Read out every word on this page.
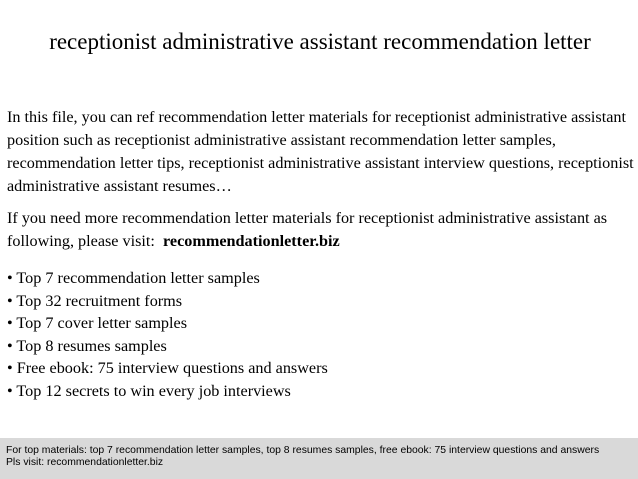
receptionist administrative assistant recommendation letter

In this file, you can ref recommendation letter materials for receptionist administrative assistant position such as receptionist administrative assistant recommendation letter samples, recommendation letter tips, receptionist administrative assistant interview questions, receptionist administrative assistant resumes…

If you need more recommendation letter materials for receptionist administrative assistant as following, please visit: recommendationletter.biz

• Top 7 recommendation letter samples
• Top 32 recruitment forms
• Top 7 cover letter samples
• Top 8 resumes samples
• Free ebook: 75 interview questions and answers
• Top 12 secrets to win every job interviews
For top materials: top 7 recommendation letter samples, top 8 resumes samples, free ebook: 75 interview questions and answers
Pls visit: recommendationletter.biz
